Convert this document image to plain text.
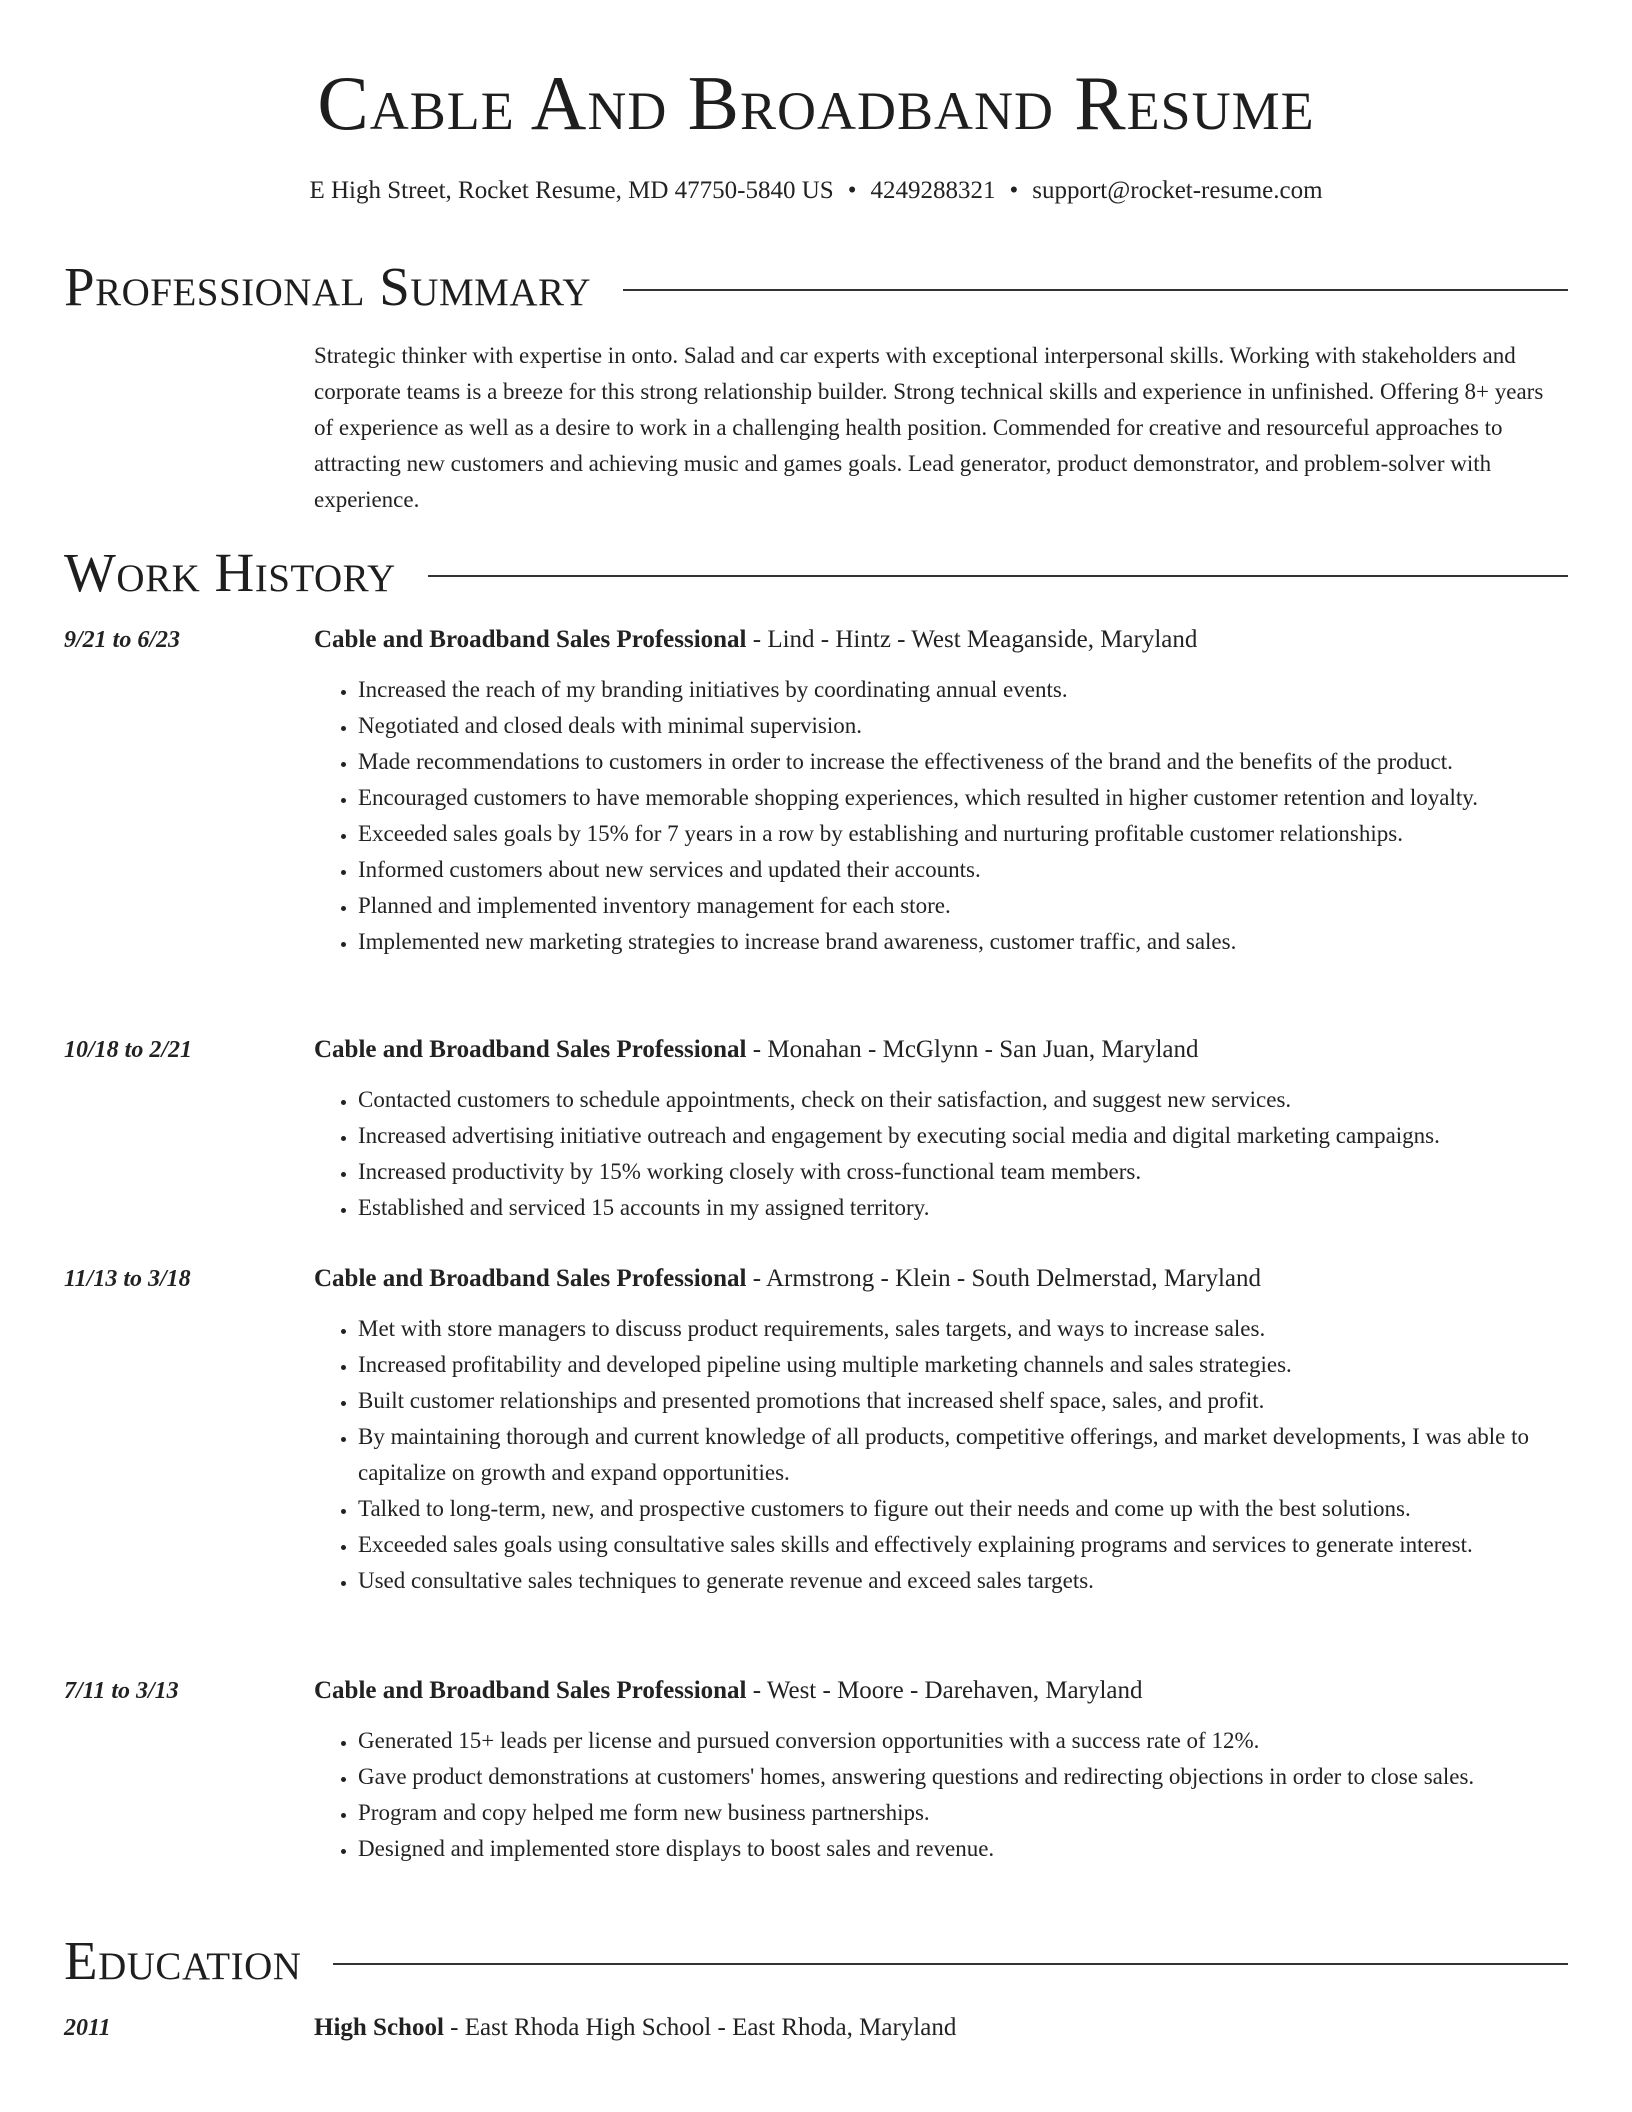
Cable And Broadband Resume
E High Street, Rocket Resume, MD 47750-5840 US • 4249288321 • support@rocket-resume.com
Professional Summary

Strategic thinker with expertise in onto. Salad and car experts with exceptional interpersonal skills. Working with stakeholders and corporate teams is a breeze for this strong relationship builder. Strong technical skills and experience in unfinished. Offering 8+ years of experience as well as a desire to work in a challenging health position. Commended for creative and resourceful approaches to attracting new customers and achieving music and games goals. Lead generator, product demonstrator, and problem-solver with experience.

Work History
9/21 to 6/23	Cable and Broadband Sales Professional - Lind - Hintz - West Meaganside, Maryland
• Increased the reach of my branding initiatives by coordinating annual events.
• Negotiated and closed deals with minimal supervision.
• Made recommendations to customers in order to increase the effectiveness of the brand and the benefits of the product.
• Encouraged customers to have memorable shopping experiences, which resulted in higher customer retention and loyalty.
• Exceeded sales goals by 15% for 7 years in a row by establishing and nurturing profitable customer relationships.
• Informed customers about new services and updated their accounts.
• Planned and implemented inventory management for each store.
• Implemented new marketing strategies to increase brand awareness, customer traffic, and sales.
10/18 to 2/21	Cable and Broadband Sales Professional - Monahan - McGlynn - San Juan, Maryland
• Contacted customers to schedule appointments, check on their satisfaction, and suggest new services.
• Increased advertising initiative outreach and engagement by executing social media and digital marketing campaigns.
• Increased productivity by 15% working closely with cross-functional team members.
• Established and serviced 15 accounts in my assigned territory.
11/13 to 3/18	Cable and Broadband Sales Professional - Armstrong - Klein - South Delmerstad, Maryland
• Met with store managers to discuss product requirements, sales targets, and ways to increase sales.
• Increased profitability and developed pipeline using multiple marketing channels and sales strategies.
• Built customer relationships and presented promotions that increased shelf space, sales, and profit.
• By maintaining thorough and current knowledge of all products, competitive offerings, and market developments, I was able to capitalize on growth and expand opportunities.
• Talked to long-term, new, and prospective customers to figure out their needs and come up with the best solutions.
• Exceeded sales goals using consultative sales skills and effectively explaining programs and services to generate interest.
• Used consultative sales techniques to generate revenue and exceed sales targets.
7/11 to 3/13	Cable and Broadband Sales Professional - West - Moore - Darehaven, Maryland
• Generated 15+ leads per license and pursued conversion opportunities with a success rate of 12%.
• Gave product demonstrations at customers' homes, answering questions and redirecting objections in order to close sales.
• Program and copy helped me form new business partnerships.
• Designed and implemented store displays to boost sales and revenue.
Education
2011	High School - East Rhoda High School - East Rhoda, Maryland
